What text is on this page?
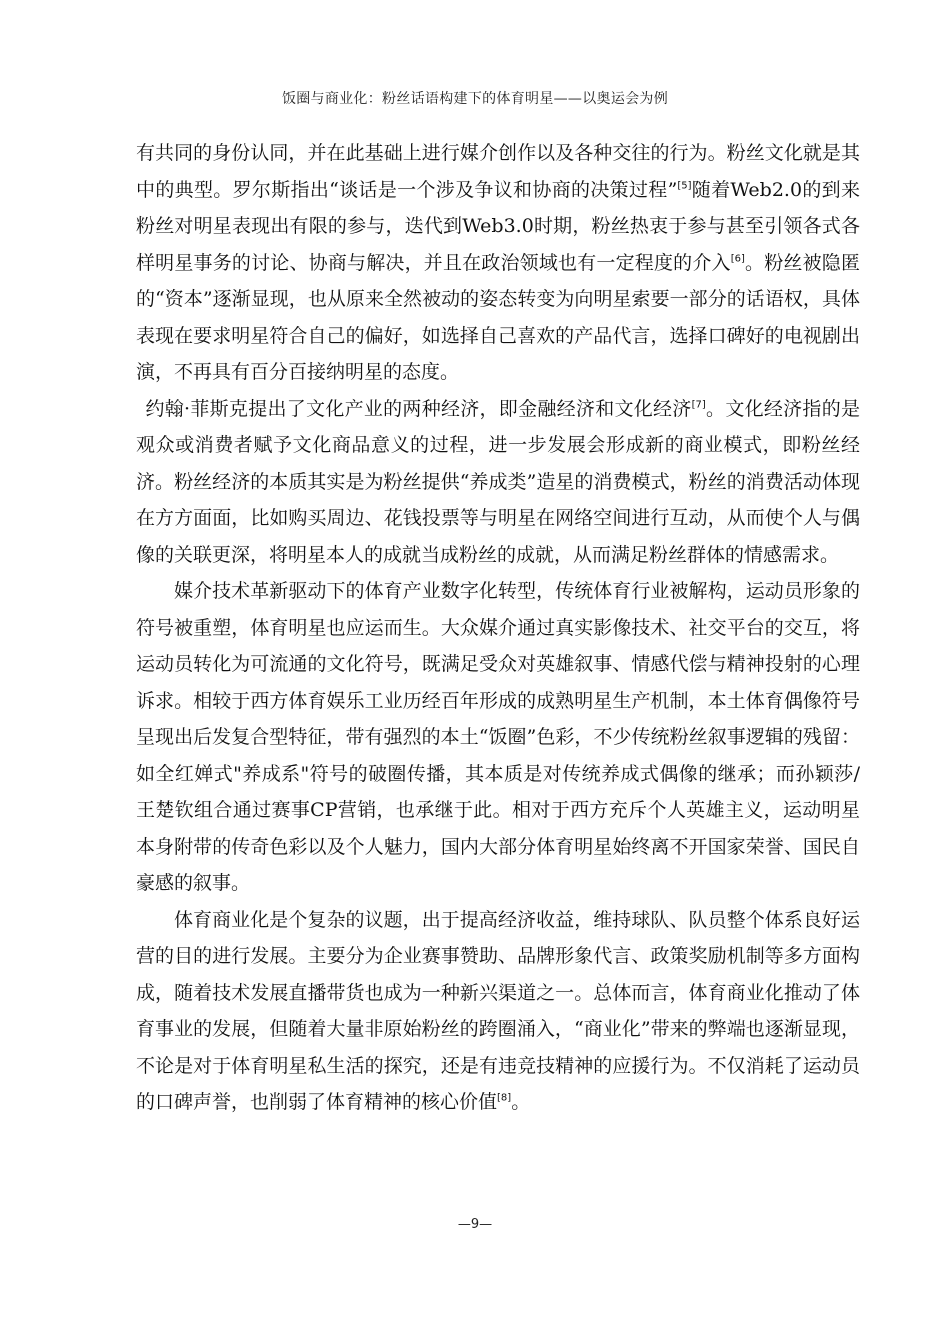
饭圈与商业化：粉丝话语构建下的体育明星——以奥运会为例

有共同的身份认同，并在此基础上进行媒介创作以及各种交往的行为。粉丝文化就是其中的典型。罗尔斯指出“谈话是一个涉及争议和协商的决策过程”[5]随着Web2.0的到来粉丝对明星表现出有限的参与，迭代到Web3.0时期，粉丝热衷于参与甚至引领各式各样明星事务的讨论、协商与解决，并且在政治领域也有一定程度的介入[6]。粉丝被隐匿的“资本”逐渐显现，也从原来全然被动的姿态转变为向明星索要一部分的话语权，具体表现在要求明星符合自己的偏好，如选择自己喜欢的产品代言，选择口碑好的电视剧出演，不再具有百分百接纳明星的态度。

约翰·菲斯克提出了文化产业的两种经济，即金融经济和文化经济[7]。文化经济指的是观众或消费者赋予文化商品意义的过程，进一步发展会形成新的商业模式，即粉丝经济。粉丝经济的本质其实是为粉丝提供“养成类”造星的消费模式，粉丝的消费活动体现在方方面面，比如购买周边、花钱投票等与明星在网络空间进行互动，从而使个人与偶像的关联更深，将明星本人的成就当成粉丝的成就，从而满足粉丝群体的情感需求。

媒介技术革新驱动下的体育产业数字化转型，传统体育行业被解构，运动员形象的符号被重塑，体育明星也应运而生。大众媒介通过真实影像技术、社交平台的交互，将运动员转化为可流通的文化符号，既满足受众对英雄叙事、情感代偿与精神投射的心理诉求。相较于西方体育娱乐工业历经百年形成的成熟明星生产机制，本土体育偶像符号呈现出后发复合型特征，带有强烈的本土“饭圈”色彩，不少传统粉丝叙事逻辑的残留：如全红婵式"养成系"符号的破圈传播，其本质是对传统养成式偶像的继承；而孙颖莎/王楚钦组合通过赛事CP营销，也承继于此。相对于西方充斥个人英雄主义，运动明星本身附带的传奇色彩以及个人魅力，国内大部分体育明星始终离不开国家荣誉、国民自豪感的叙事。

体育商业化是个复杂的议题，出于提高经济收益，维持球队、队员整个体系良好运营的目的进行发展。主要分为企业赛事赞助、品牌形象代言、政策奖励机制等多方面构成，随着技术发展直播带货也成为一种新兴渠道之一。总体而言，体育商业化推动了体育事业的发展，但随着大量非原始粉丝的跨圈涌入，“商业化”带来的弊端也逐渐显现，不论是对于体育明星私生活的探究，还是有违竞技精神的应援行为。不仅消耗了运动员的口碑声誉，也削弱了体育精神的核心价值[8]。

—9—
